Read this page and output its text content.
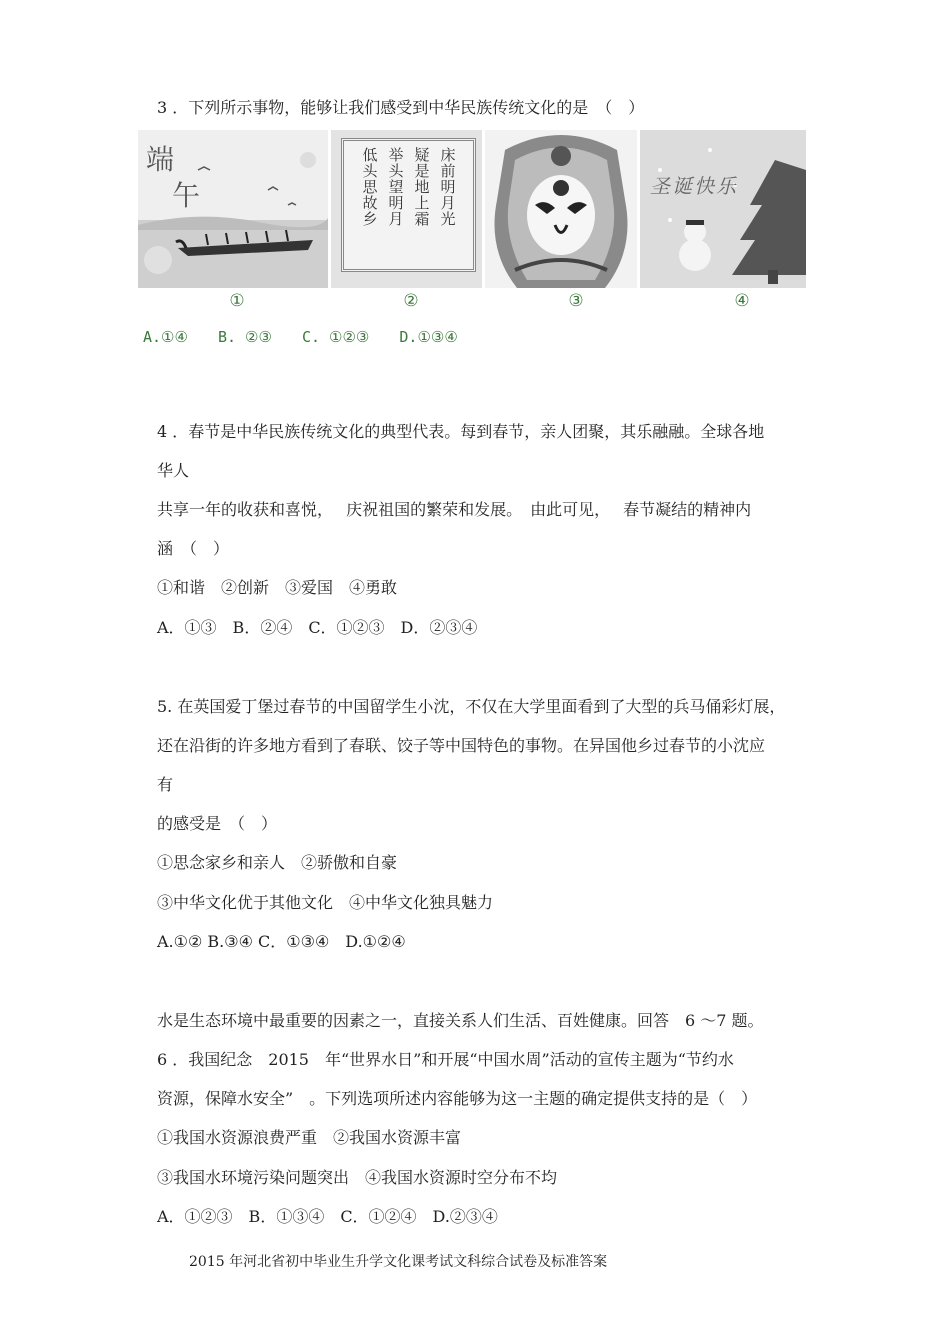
3 ．下列所示事物，能够让我们感受到中华民族传统文化的是　（　）
端
午	床前明月光
疑是地上霜
举头望明月
低头思故乡	圣诞快乐
①	②	③	④
A.①④　　B. ②③　　C. ①②③　　D.①③④
4 ．春节是中华民族传统文化的典型代表。每到春节，亲人团聚，其乐融融。全球各地
华人
共享一年的收获和喜悦，　 庆祝祖国的繁荣和发展。　由此可见，　 春节凝结的精神内
涵　（　）
①和谐　②创新　③爱国　④勇敢
A．①③　B．②④　C．①②③　D．②③④
5. 在英国爱丁堡过春节的中国留学生小沈，不仅在大学里面看到了大型的兵马俑彩灯展，
还在沿街的许多地方看到了春联、饺子等中国特色的事物。在异国他乡过春节的小沈应
有
的感受是　（　）
①思念家乡和亲人　②骄傲和自豪
③中华文化优于其他文化　④中华文化独具魅力
A.①② B.③④ C．①③④　D.①②④
水是生态环境中最重要的因素之一，直接关系人们生活、百姓健康。回答　6 ～7 题。
6 ．我国纪念　2015　年“世界水日”和开展“中国水周”活动的宣传主题为“节约水
资源，保障水安全”　。下列选项所述内容能够为这一主题的确定提供支持的是（　）
①我国水资源浪费严重　②我国水资源丰富
③我国水环境污染问题突出　④我国水资源时空分布不均
A．①②③　B．①③④　C．①②④　D.②③④
2015 年河北省初中毕业生升学文化课考试文科综合试卷及标准答案
